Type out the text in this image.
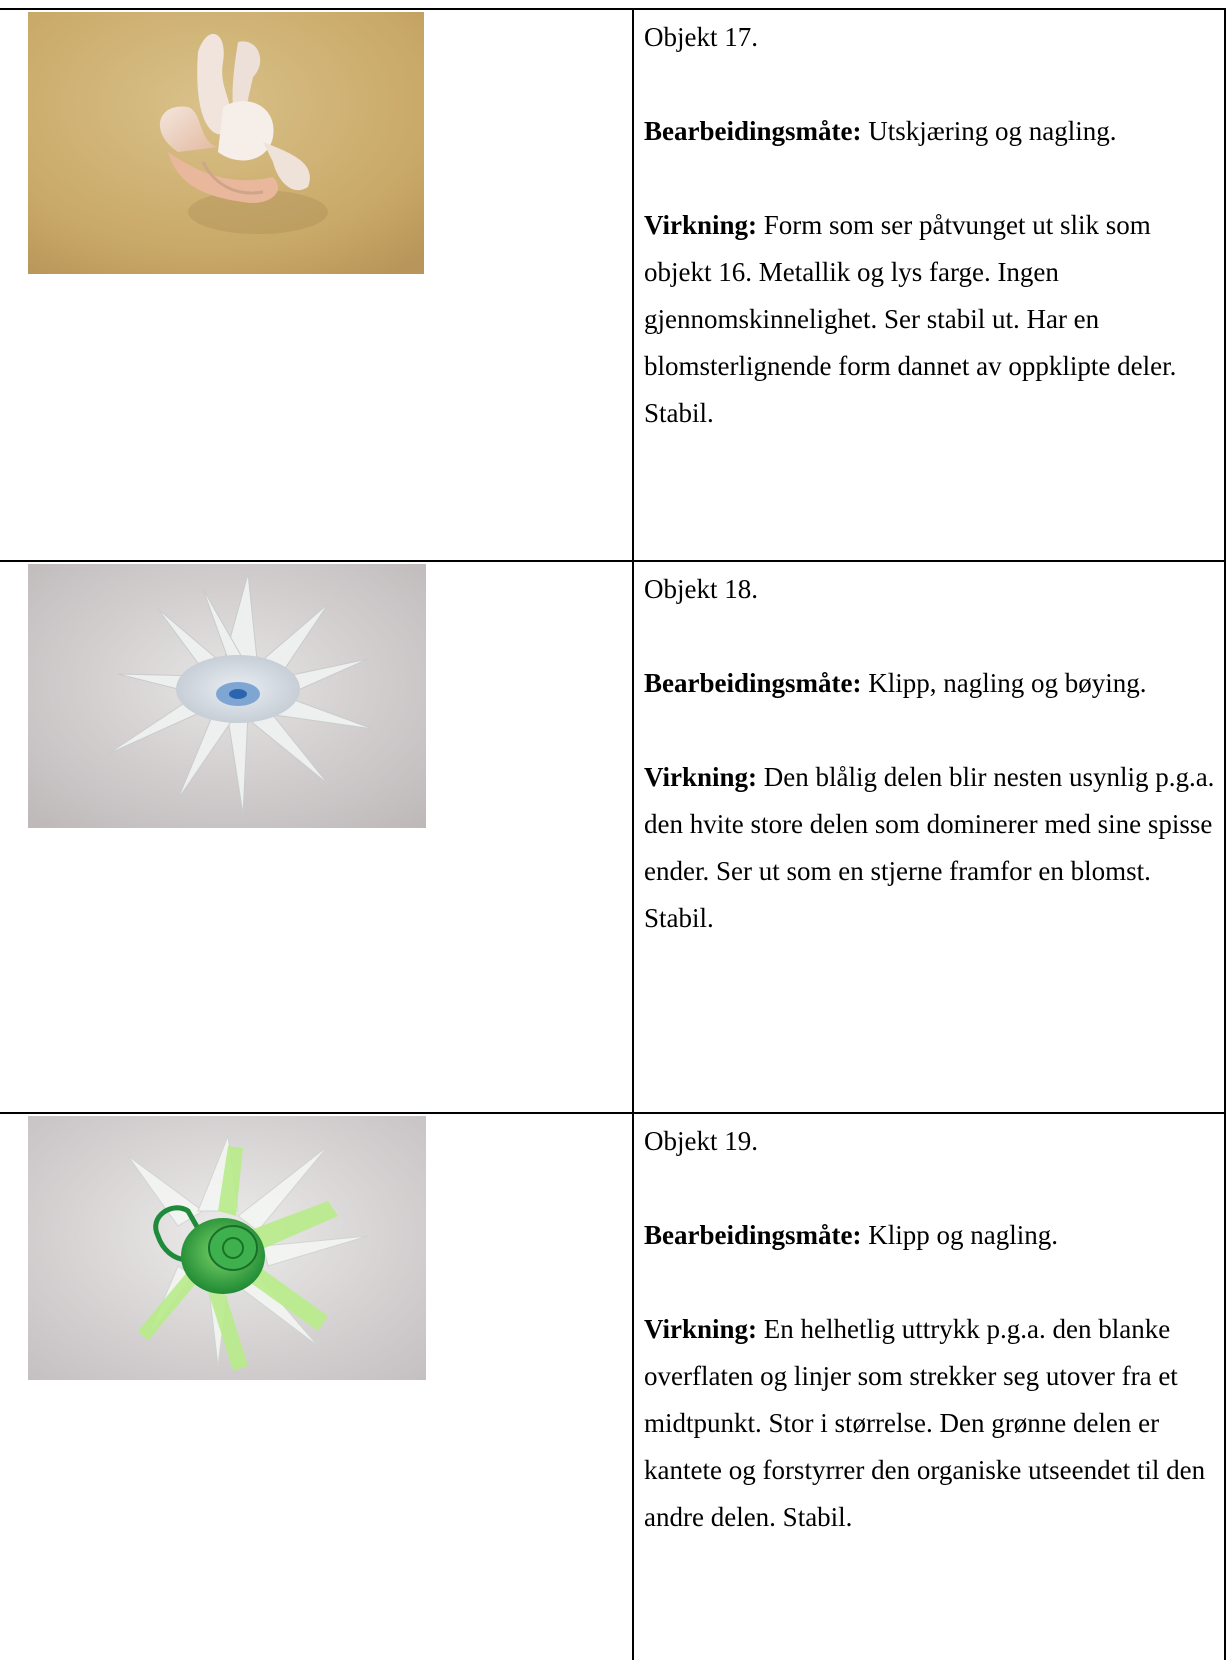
Objekt 17.

Bearbeidingsmåte: Utskjæring og nagling.

Virkning: Form som ser påtvunget ut slik som objekt 16. Metallik og lys farge. Ingen gjennomskinnelighet. Ser stabil ut. Har en blomsterlignende form dannet av oppklipte deler. Stabil.

Objekt 18.

Bearbeidingsmåte: Klipp, nagling og bøying.

Virkning: Den blålig delen blir nesten usynlig p.g.a. den hvite store delen som dominerer med sine spisse ender. Ser ut som en stjerne framfor en blomst. Stabil.

Objekt 19.

Bearbeidingsmåte: Klipp og nagling.

Virkning: En helhetlig uttrykk p.g.a. den blanke overflaten og linjer som strekker seg utover fra et midtpunkt. Stor i størrelse. Den grønne delen er kantete og forstyrrer den organiske utseendet til den andre delen. Stabil.
